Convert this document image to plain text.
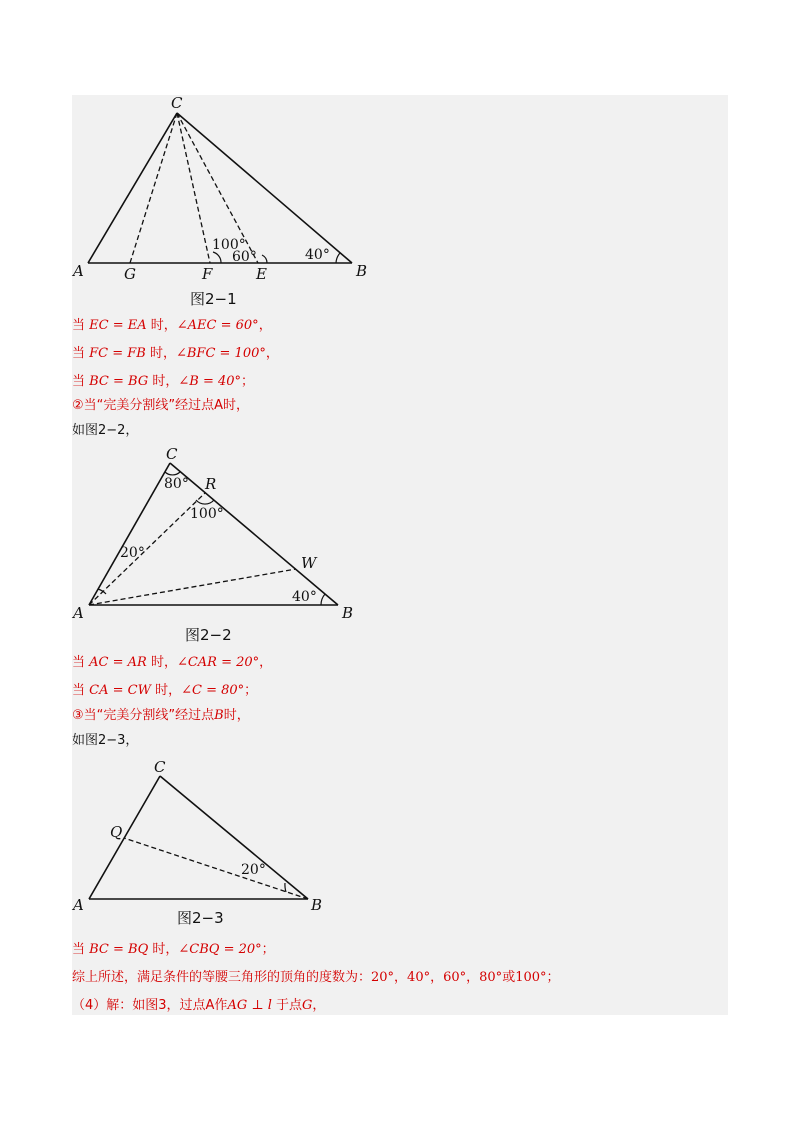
C
A	G	F	E	B
100°
60°	40°
图2−1
当 EC = EA 时，∠AEC = 60°，
当 FC = FB 时，∠BFC = 100°，
当 BC = BG 时，∠B = 40°；
②当“完美分割线”经过点A时，
如图2−2，
C
R
W
A	B
80°
100°
20°
40°
图2−2
当 AC = AR 时，∠CAR = 20°，
当 CA = CW 时，∠C = 80°；
③当“完美分割线”经过点B时，
如图2−3，
C
Q
A	B
20°
图2−3
当 BC = BQ 时，∠CBQ = 20°；
综上所述，满足条件的等腰三角形的顶角的度数为：20°，40°，60°，80°或100°；
（4）解：如图3，过点A作AG ⊥ l 于点G，
